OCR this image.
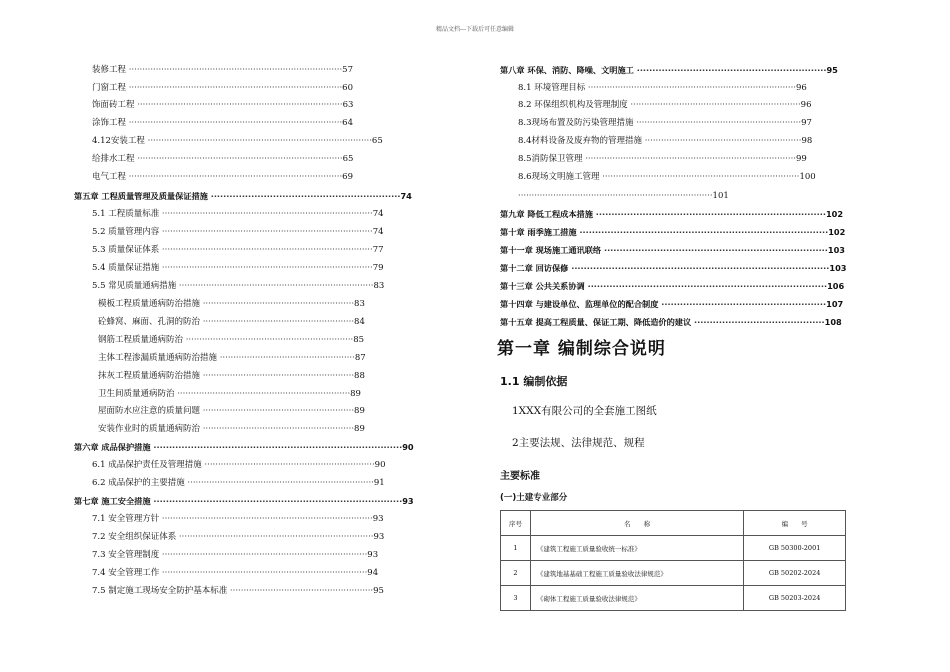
精品文档---下载后可任意编辑
装修工程 ···············································································57
门窗工程 ···············································································60
饰面砖工程 ············································································63
涂饰工程 ···············································································64
4.12安装工程 ···················································································65
给排水工程 ············································································65
电气工程 ···············································································69
第五章 工程质量管理及质量保证措施 ·····························································74
5.1 工程质量标准 ··············································································74
5.2 质量管理内容 ··············································································74
5.3 质量保证体系 ··············································································77
5.4 质量保证措施 ··············································································79
5.5 常见质量通病措施 ········································································83
模板工程质量通病防治措施 ························································83
砼蜂窝、麻面、孔洞的防治 ························································84
钢筋工程质量通病防治 ······························································85
主体工程渗漏质量通病防治措施 ··················································87
抹灰工程质量通病防治措施 ························································88
卫生间质量通病防治 ································································89
屋面防水应注意的质量问题 ························································89
安装作业时的质量通病防治 ························································89
第六章 成品保护措施 ················································································90
6.1 成品保护责任及管理措施 ·······························································90
6.2 成品保护的主要措施 ·····································································91
第七章 施工安全措施 ················································································93
7.1 安全管理方针 ··············································································93
7.2 安全组织保证体系 ········································································93
7.3 安全管理制度 ············································································93
7.4 安全管理工作 ············································································94
7.5 制定施工现场安全防护基本标准 ·····················································95
第八章 环保、消防、降噪、文明施工 ·····························································95
8.1 环境管理目标 ·············································································96
8.2 环保组织机构及管理制度 ·······························································96
8.3现场布置及防污染管理措施 ·····························································97
8.4材料设备及废弃物的管理措施 ··························································98
8.5消防保卫管理 ··············································································99
8.6现场文明施工管理 ·········································································100
········································································101
第九章 降低工程成本措施 ··········································································102
第十章 雨季施工措施 ················································································102
第十一章 现场施工通讯联络 ········································································103
第十二章 回访保修 ···················································································103
第十三章 公共关系协调 ·············································································106
第十四章 与建设单位、监理单位的配合制度 ·····················································107
第十五章 提高工程质量、保证工期、降低造价的建议 ··········································108
第一章 编制综合说明
1.1 编制依据
1XXX有限公司的全套施工图纸
2主要法规、法律规范、规程
主要标准
(一)土建专业部分
序号	名　　称	编　　号
1	《建筑工程施工质量验收统一标准》	GB 50300-2001
2	《建筑地基基础工程施工质量验收法律规范》	GB 50202-2024
3	《砌体工程施工质量验收法律规范》	GB 50203-2024
